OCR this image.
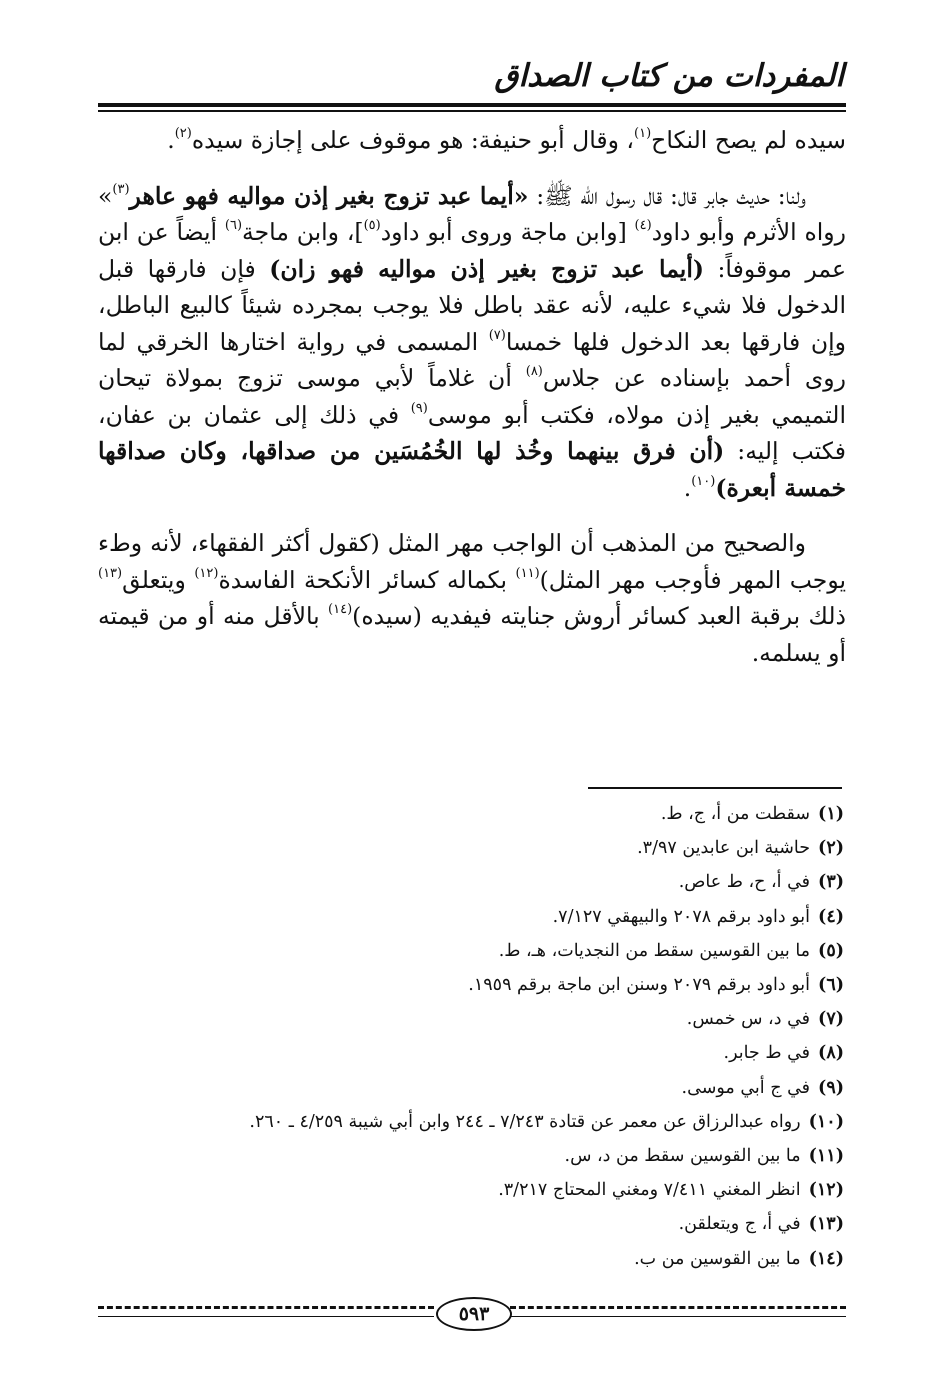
المفردات من كتاب الصداق

سيده لم يصح النكاح$^{(١)}$، وقال أبو حنيفة: هو موقوف على إجازة سيده$^{(٢)}$.

ولنا: حديث جابر قال: قال رسول الله ﷺ: «أيما عبد تزوج بغير إذن مواليه فهو عاهر$^{(٣)}$» رواه الأثرم وأبو داود$^{(٤)}$ [وابن ماجة وروى أبو داود$^{(٥)}$]، وابن ماجة$^{(٦)}$ أيضاً عن ابن عمر موقوفاً: (أيما عبد تزوج بغير إذن مواليه فهو زان) فإن فارقها قبل الدخول فلا شيء عليه، لأنه عقد باطل فلا يوجب بمجرده شيئاً كالبيع الباطل، وإن فارقها بعد الدخول فلها خمسا$^{(٧)}$ المسمى في رواية اختارها الخرقي لما روى أحمد بإسناده عن جلاس$^{(٨)}$ أن غلاماً لأبي موسى تزوج بمولاة تيحان التميمي بغير إذن مولاه، فكتب أبو موسى$^{(٩)}$ في ذلك إلى عثمان بن عفان، فكتب إليه: (أن فرق بينهما وخُذ لها الخُمُسَين من صداقها، وكان صداقها خمسة أبعرة)$^{(١٠)}$.

والصحيح من المذهب أن الواجب مهر المثل (كقول أكثر الفقهاء، لأنه وطء يوجب المهر فأوجب مهر المثل)$^{(١١)}$ بكماله كسائر الأنكحة الفاسدة$^{(١٢)}$ ويتعلق$^{(١٣)}$ ذلك برقبة العبد كسائر أروش جنايته فيفديه (سيده)$^{(١٤)}$ بالأقل منه أو من قيمته أو يسلمه.

(١)سقطت من أ، ج، ط.
(٢)حاشية ابن عابدين ٣/٩٧.
(٣)في أ، ح، ط عاص.
(٤)أبو داود برقم ٢٠٧٨ والبيهقي ٧/١٢٧.
(٥)ما بين القوسين سقط من النجديات، هـ، ط.
(٦)أبو داود برقم ٢٠٧٩ وسنن ابن ماجة برقم ١٩٥٩.
(٧)في د، س خمس.
(٨)في ط جابر.
(٩)في ج أبي موسى.
(١٠)رواه عبدالرزاق عن معمر عن قتادة ٧/٢٤٣ ـ ٢٤٤ وابن أبي شيبة ٤/٢٥٩ ـ ٢٦٠.
(١١)ما بين القوسين سقط من د، س.
(١٢)انظر المغني ٧/٤١١ ومغني المحتاج ٣/٢١٧.
(١٣)في أ، ج ويتعلقن.
(١٤)ما بين القوسين من ب.
٥٩٣
